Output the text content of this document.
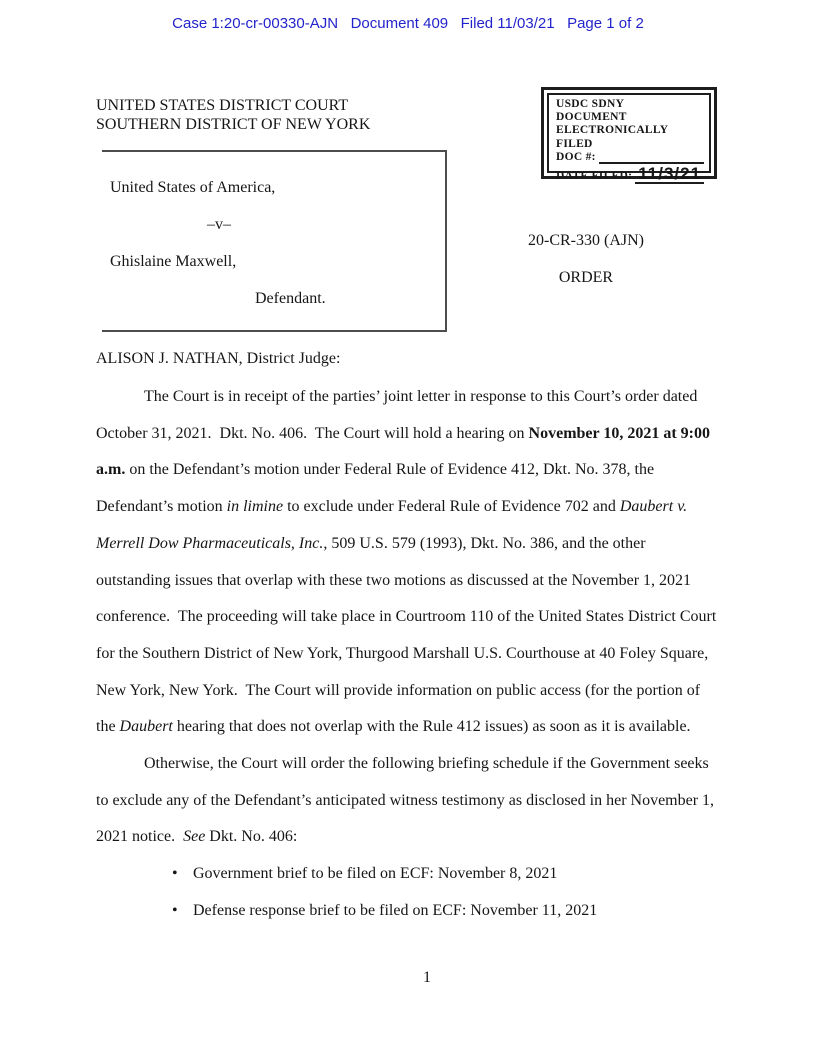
Case 1:20-cr-00330-AJN   Document 409   Filed 11/03/21   Page 1 of 2
UNITED STATES DISTRICT COURT
SOUTHERN DISTRICT OF NEW YORK
USDC SDNY
DOCUMENT
ELECTRONICALLY FILED
DOC #:
DATE FILED: 11/3/21
United States of America,
–v–
Ghislaine Maxwell,
Defendant.
20-CR-330 (AJN)
ORDER
ALISON J. NATHAN, District Judge:
The Court is in receipt of the parties’ joint letter in response to this Court’s order dated October 31, 2021.  Dkt. No. 406.  The Court will hold a hearing on November 10, 2021 at 9:00 a.m. on the Defendant’s motion under Federal Rule of Evidence 412, Dkt. No. 378, the Defendant’s motion in limine to exclude under Federal Rule of Evidence 702 and Daubert v. Merrell Dow Pharmaceuticals, Inc., 509 U.S. 579 (1993), Dkt. No. 386, and the other outstanding issues that overlap with these two motions as discussed at the November 1, 2021 conference.  The proceeding will take place in Courtroom 110 of the United States District Court for the Southern District of New York, Thurgood Marshall U.S. Courthouse at 40 Foley Square, New York, New York.  The Court will provide information on public access (for the portion of the Daubert hearing that does not overlap with the Rule 412 issues) as soon as it is available.
Otherwise, the Court will order the following briefing schedule if the Government seeks to exclude any of the Defendant’s anticipated witness testimony as disclosed in her November 1, 2021 notice.  See Dkt. No. 406:
• Government brief to be filed on ECF: November 8, 2021
• Defense response brief to be filed on ECF: November 11, 2021
1
